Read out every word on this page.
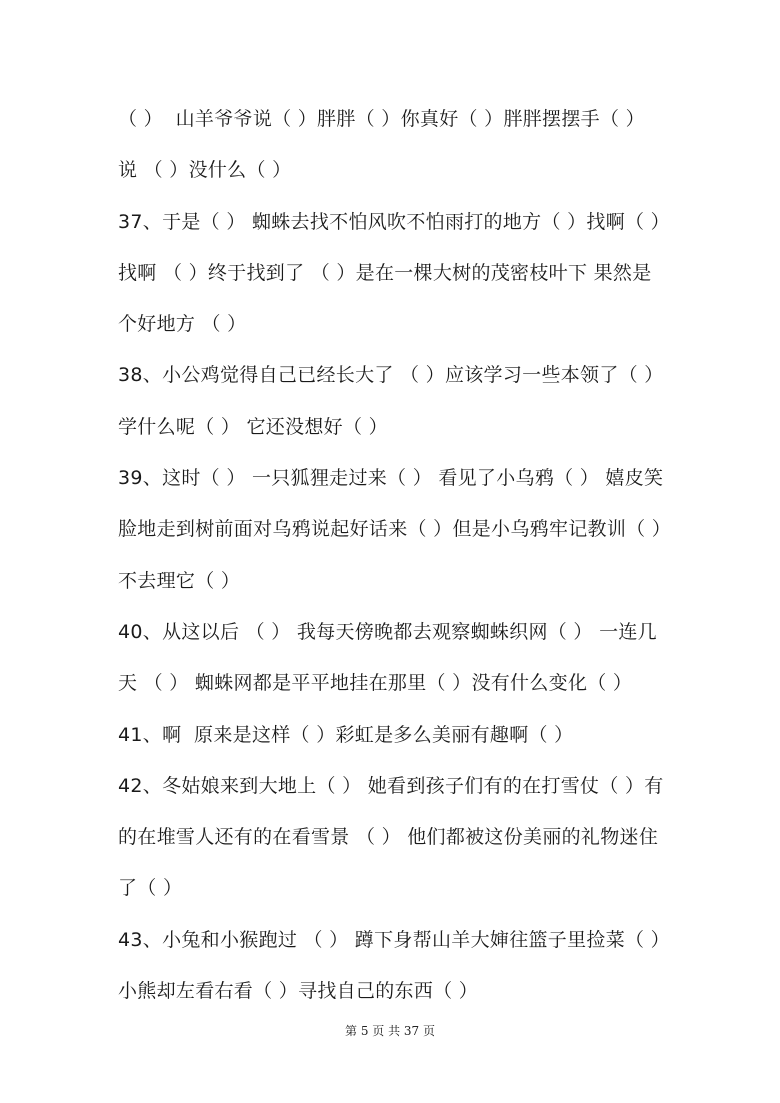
（ ）  山羊爷爷说（ ）胖胖（ ）你真好（ ）胖胖摆摆手（ ）
说 （ ）没什么（ ）
37、于是（ ） 蜘蛛去找不怕风吹不怕雨打的地方（ ）找啊（ ）
找啊 （ ）终于找到了 （ ）是在一棵大树的茂密枝叶下 果然是
个好地方 （ ）
38、小公鸡觉得自己已经长大了 （ ）应该学习一些本领了（ ）
学什么呢（ ） 它还没想好（ ）
39、这时（ ） 一只狐狸走过来（ ） 看见了小乌鸦（ ） 嬉皮笑
脸地走到树前面对乌鸦说起好话来（ ）但是小乌鸦牢记教训（ ）
不去理它（ ）
40、从这以后 （ ） 我每天傍晚都去观察蜘蛛织网（ ） 一连几
天 （ ） 蜘蛛网都是平平地挂在那里（ ）没有什么变化（ ）
41、啊  原来是这样（ ）彩虹是多么美丽有趣啊（ ）
42、冬姑娘来到大地上（ ） 她看到孩子们有的在打雪仗（ ）有
的在堆雪人还有的在看雪景 （ ） 他们都被这份美丽的礼物迷住
了（ ）
43、小兔和小猴跑过 （ ） 蹲下身帮山羊大婶往篮子里捡菜（ ）
小熊却左看右看（ ）寻找自己的东西（ ）
第 5 页 共 37 页
